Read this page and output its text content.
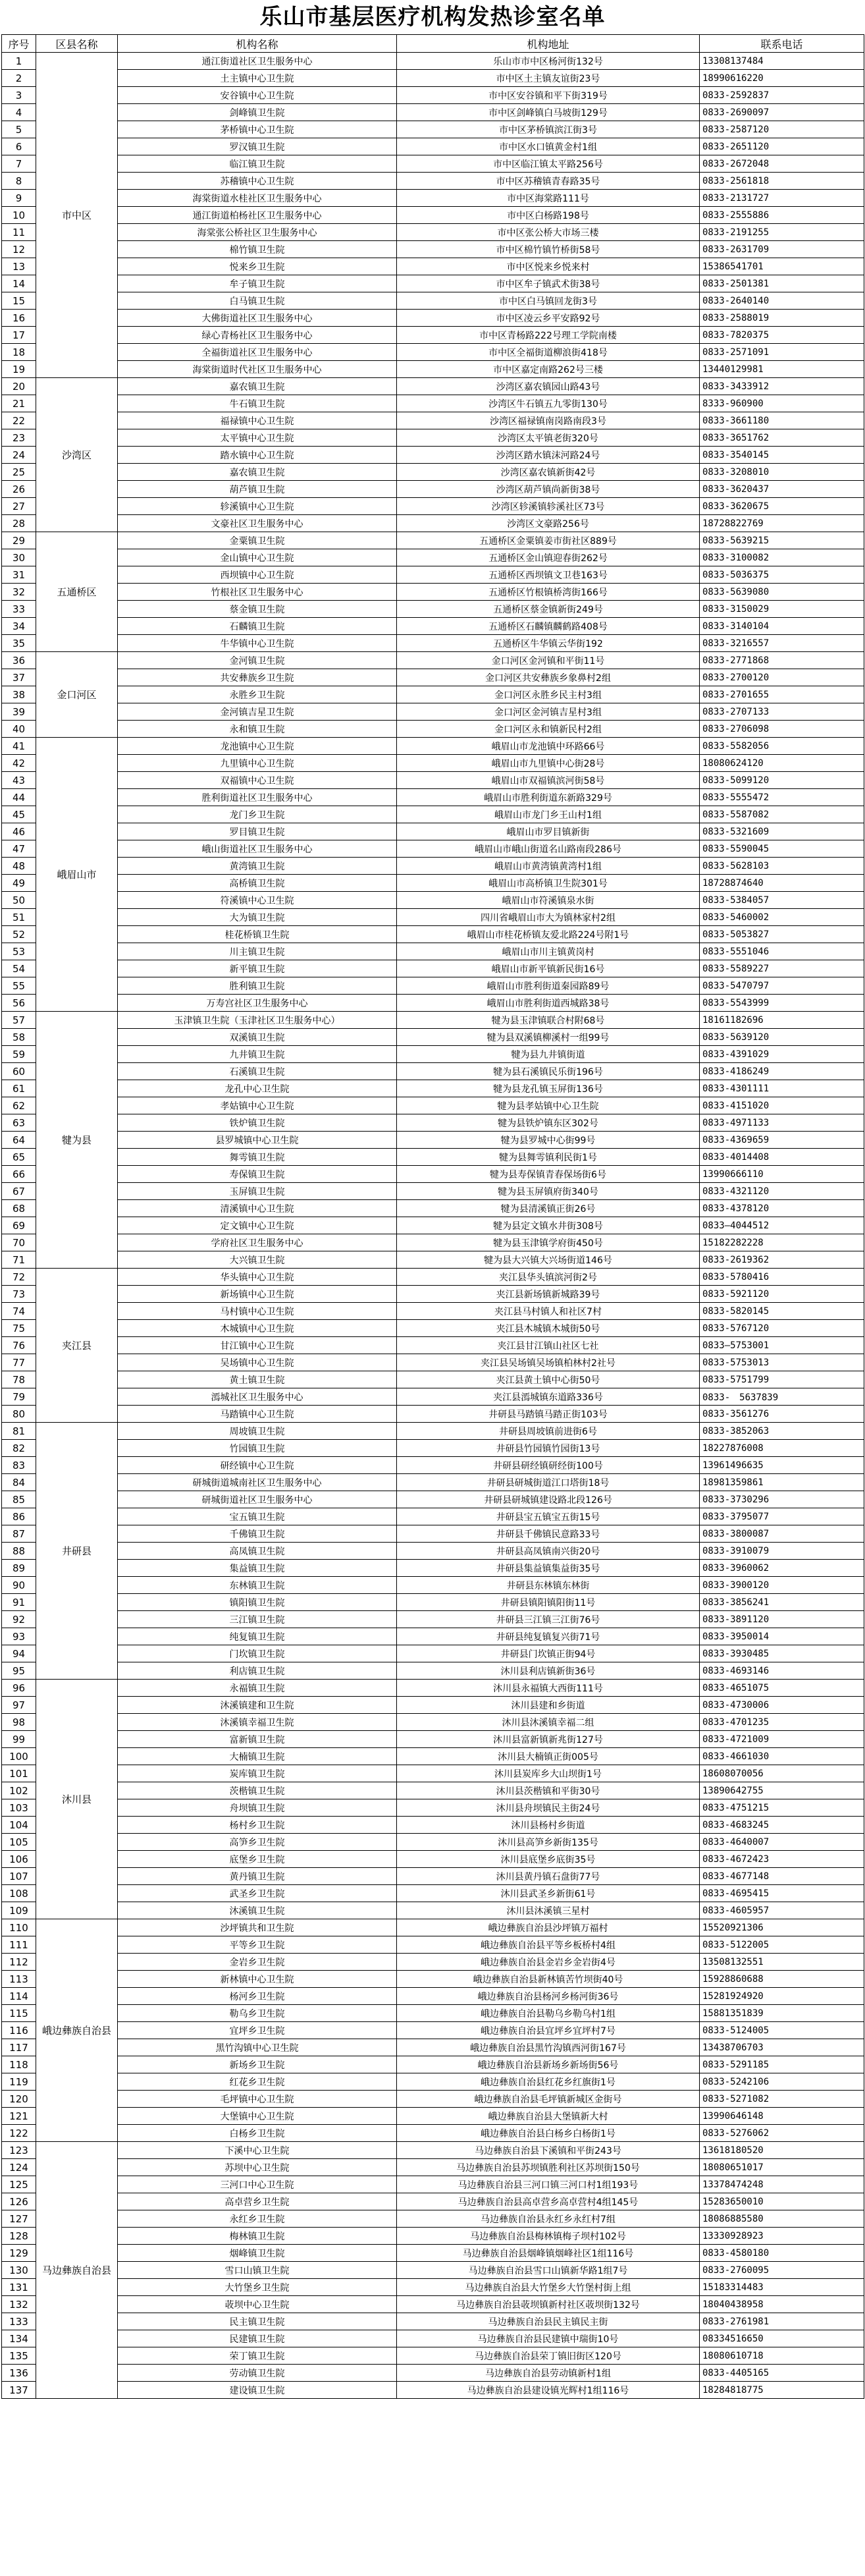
乐山市基层医疗机构发热诊室名单
序号	区县名称	机构名称	机构地址	联系电话
1	市中区	通江街道社区卫生服务中心	乐山市市中区杨河街132号	13308137484
2		土主镇中心卫生院	市中区土主镇友谊街23号	18990616220
3		安谷镇中心卫生院	市中区安谷镇和平下街319号	0833-2592837
4		剑峰镇卫生院	市中区剑峰镇白马坡街129号	0833-2690097
5		茅桥镇中心卫生院	市中区茅桥镇滨江街3号	0833-2587120
6		罗汉镇卫生院	市中区水口镇黄金村1组	0833-2651120
7		临江镇卫生院	市中区临江镇太平路256号	0833-2672048
8		苏稽镇中心卫生院	市中区苏稽镇青春路35号	0833-2561818
9		海棠街道水桂社区卫生服务中心	市中区海棠路111号	0833-2131727
10		通江街道柏杨社区卫生服务中心	市中区白杨路198号	0833-2555886
11		海棠张公桥社区卫生服务中心	市中区张公桥大市场三楼	0833-2191255
12		棉竹镇卫生院	市中区棉竹镇竹桥街58号	0833-2631709
13		悦来乡卫生院	市中区悦来乡悦来村	15386541701
14		牟子镇卫生院	市中区牟子镇武术街38号	0833-2501381
15		白马镇卫生院	市中区白马镇回龙街3号	0833-2640140
16		大佛街道社区卫生服务中心	市中区凌云乡平安路92号	0833-2588019
17		绿心青杨社区卫生服务中心	市中区青杨路222号理工学院南楼	0833-7820375
18		全福街道社区卫生服务中心	市中区全福街道柳浪街418号	0833-2571091
19		海棠街道时代社区卫生服务中心	市中区嘉定南路262号三楼	13440129981
20	沙湾区	嘉农镇卫生院	沙湾区嘉农镇园山路43号	0833-3433912
21		牛石镇卫生院	沙湾区牛石镇五九零街130号	8333-960900
22		福禄镇中心卫生院	沙湾区福禄镇南岗路南段3号	0833-3661180
23		太平镇中心卫生院	沙湾区太平镇老街320号	0833-3651762
24		踏水镇中心卫生院	沙湾区踏水镇沫河路24号	0833-3540145
25		嘉农镇卫生院	沙湾区嘉农镇新街42号	0833-3208010
26		葫芦镇卫生院	沙湾区葫芦镇尚新街38号	0833-3620437
27		轸溪镇中心卫生院	沙湾区轸溪镇轸溪社区73号	0833-3620675
28		文豪社区卫生服务中心	沙湾区文豪路256号	18728822769
29	五通桥区	金粟镇卫生院	五通桥区金粟镇姜市街社区889号	0833-5639215
30		金山镇中心卫生院	五通桥区金山镇迎春街262号	0833-3100082
31		西坝镇中心卫生院	五通桥区西坝镇文卫巷163号	0833-5036375
32		竹根社区卫生服务中心	五通桥区竹根镇桥湾街166号	0833-5639080
33		蔡金镇卫生院	五通桥区蔡金镇新街249号	0833-3150029
34		石麟镇卫生院	五通桥区石麟镇麟鹤路408号	0833-3140104
35		牛华镇中心卫生院	五通桥区牛华镇云华街192	0833-3216557
36	金口河区	金河镇卫生院	金口河区金河镇和平街11号	0833-2771868
37		共安彝族乡卫生院	金口河区共安彝族乡象鼻村2组	0833-2700120
38		永胜乡卫生院	金口河区永胜乡民主村3组	0833-2701655
39		金河镇吉星卫生院	金口河区金河镇吉星村3组	0833-2707133
40		永和镇卫生院	金口河区永和镇新民村2组	0833-2706098
41	峨眉山市	龙池镇中心卫生院	峨眉山市龙池镇中环路66号	0833-5582056
42		九里镇中心卫生院	峨眉山市九里镇中心街28号	18080624120
43		双福镇中心卫生院	峨眉山市双福镇滨河街58号	0833-5099120
44		胜利街道社区卫生服务中心	峨眉山市胜利街道东新路329号	0833-5555472
45		龙门乡卫生院	峨眉山市龙门乡王山村1组	0833-5587082
46		罗目镇卫生院	峨眉山市罗目镇新街	0833-5321609
47		峨山街道社区卫生服务中心	峨眉山市峨山街道名山路南段286号	0833-5590045
48		黄湾镇卫生院	峨眉山市黄湾镇黄湾村1组	0833-5628103
49		高桥镇卫生院	峨眉山市高桥镇卫生院301号	18728874640
50		符溪镇中心卫生院	峨眉山市符溪镇泉水街	0833-5384057
51		大为镇卫生院	四川省峨眉山市大为镇林家村2组	0833-5460002
52		桂花桥镇卫生院	峨眉山市桂花桥镇友爱北路224号附1号	0833-5053827
53		川主镇卫生院	峨眉山市川主镇黄岗村	0833-5551046
54		新平镇卫生院	峨眉山市新平镇新民街16号	0833-5589227
55		胜利镇卫生院	峨眉山市胜利街道秦园路89号	0833-5470797
56		万寿宫社区卫生服务中心	峨眉山市胜利街道西城路38号	0833-5543999
57	犍为县	玉津镇卫生院（玉津社区卫生服务中心）	犍为县玉津镇联合村附68号	18161182696
58		双溪镇卫生院	犍为县双溪镇柳溪村一组99号	0833-5639120
59		九井镇卫生院	犍为县九井镇街道	0833-4391029
60		石溪镇卫生院	犍为县石溪镇民乐街196号	0833-4186249
61		龙孔中心卫生院	犍为县龙孔镇玉屏街136号	0833-4301111
62		孝姑镇中心卫生院	犍为县孝姑镇中心卫生院	0833-4151020
63		铁炉镇卫生院	犍为县铁炉镇东区302号	0833-4971133
64		县罗城镇中心卫生院	犍为县罗城中心街99号	0833-4369659
65		舞雩镇卫生院	犍为县舞雩镇利民街1号	0833-4014408
66		寿保镇卫生院	犍为县寿保镇青春保场街6号	13990666110
67		玉屏镇卫生院	犍为县玉屏镇府街340号	0833-4321120
68		清溪镇中心卫生院	犍为县清溪镇正街26号	0833-4378120
69		定文镇中心卫生院	犍为县定文镇水井街308号	0833—4044512
70		学府社区卫生服务中心	犍为县玉津镇学府街450号	15182282228
71		大兴镇卫生院	犍为县大兴镇大兴场街道146号	0833-2619362
72	夹江县	华头镇中心卫生院	夹江县华头镇滨河街2号	0833-5780416
73		新场镇中心卫生院	夹江县新场镇新城路39号	0833-5921120
74		马村镇中心卫生院	夹江县马村镇人和社区7村	0833-5820145
75		木城镇中心卫生院	夹江县木城镇木城街50号	0833-5767120
76		甘江镇中心卫生院	夹江县甘江镇山社区七社	0833—5753001
77		吴场镇中心卫生院	夹江县吴场镇吴场镇柏林村2社号	0833-5753013
78		黄土镇卫生院	夹江县黄土镇中心街50号	0833-5751799
79		漹城社区卫生服务中心	夹江县漹城镇东道路336号	0833-　5637839
80		马踏镇中心卫生院	井研县马踏镇马踏正街103号	0833-3561276
81	井研县	周坡镇卫生院	井研县周坡镇前进街6号	0833-3852063
82		竹园镇卫生院	井研县竹园镇竹园街13号	18227876008
83		研经镇中心卫生院	井研县研经镇研经街100号	13961496635
84		研城街道城南社区卫生服务中心	井研县研城街道江口塔街18号	18981359861
85		研城街道社区卫生服务中心	井研县研城镇建设路北段126号	0833-3730296
86		宝五镇卫生院	井研县宝五镇宝五街15号	0833-3795077
87		千佛镇卫生院	井研县千佛镇民意路33号	0833-3800087
88		高凤镇卫生院	井研县高凤镇南兴街20号	0833-3910079
89		集益镇卫生院	井研县集益镇集益街35号	0833-3960062
90		东林镇卫生院	井研县东林镇东林街	0833-3900120
91		镇阳镇卫生院	井研县镇阳镇阳街11号	0833-3856241
92		三江镇卫生院	井研县三江镇三江街76号	0833-3891120
93		纯复镇卫生院	井研县纯复镇复兴街71号	0833-3950014
94		门坎镇卫生院	井研县门坎镇正街94号	0833-3930485
95		利店镇卫生院	沐川县利店镇新街36号	0833-4693146
96	沐川县	永福镇卫生院	沐川县永福镇大西街111号	0833-4651075
97		沐溪镇建和卫生院	沐川县建和乡街道	0833-4730006
98		沐溪镇幸福卫生院	沐川县沐溪镇幸福二组	0833-4701235
99		富新镇卫生院	沐川县富新镇新兆街127号	0833-4721009
100		大楠镇卫生院	沐川县大楠镇正街005号	0833-4661030
101		炭库镇卫生院	沐川县炭库乡大山坝街1号	18608070056
102		茨楷镇卫生院	沐川县茨楷镇和平街30号	13890642755
103		舟坝镇卫生院	沐川县舟坝镇民主街24号	0833-4751215
104		杨村乡卫生院	沐川县杨村乡街道	0833-4683245
105		高笋乡卫生院	沐川县高笋乡新街135号	0833-4640007
106		底堡乡卫生院	沐川县底堡乡底街35号	0833-4672423
107		黄丹镇卫生院	沐川县黄丹镇石盘街77号	0833-4677148
108		武圣乡卫生院	沐川县武圣乡新街61号	0833-4695415
109		沐溪镇卫生院	沐川县沐溪镇三星村	0833-4605957
110	峨边彝族自治县	沙坪镇共和卫生院	峨边彝族自治县沙坪镇万福村	15520921306
111		平等乡卫生院	峨边彝族自治县平等乡板桥村4组	0833-5122005
112		金岩乡卫生院	峨边彝族自治县金岩乡金岩街4号	13508132551
113		新林镇中心卫生院	峨边彝族自治县新林镇苦竹坝街40号	15928860688
114		杨河乡卫生院	峨边彝族自治县杨河乡杨河街36号	15281924920
115		勒乌乡卫生院	峨边彝族自治县勒乌乡勒乌村1组	15881351839
116		宜坪乡卫生院	峨边彝族自治县宜坪乡宜坪村7号	0833-5124005
117		黑竹沟镇中心卫生院	峨边彝族自治县黑竹沟镇西河街167号	13438706703
118		新场乡卫生院	峨边彝族自治县新场乡新场街56号	0833-5291185
119		红花乡卫生院	峨边彝族自治县红花乡红旗街1号	0833-5242106
120		毛坪镇中心卫生院	峨边彝族自治县毛坪镇新城区金街号	0833-5271082
121		大堡镇中心卫生院	峨边彝族自治县大堡镇新大村	13990646148
122		白杨乡卫生院	峨边彝族自治县白杨乡白杨街1号	0833-5276062
123	马边彝族自治县	下溪中心卫生院	马边彝族自治县下溪镇和平街243号	13618180520
124		苏坝中心卫生院	马边彝族自治县苏坝镇胜利社区苏坝街150号	18080651017
125		三河口中心卫生院	马边彝族自治县三河口镇三河口村1组193号	13378474248
126		高卓营乡卫生院	马边彝族自治县高卓营乡高卓营村4组145号	15283650010
127		永红乡卫生院	马边彝族自治县永红乡永红村7组	18086885580
128		梅林镇卫生院	马边彝族自治县梅林镇梅子坝村102号	13330928923
129		烟峰镇卫生院	马边彝族自治县烟峰镇烟峰社区1组116号	0833-4580180
130		雪口山镇卫生院	马边彝族自治县雪口山镇新华路1组7号	0833-2760095
131		大竹堡乡卫生院	马边彝族自治县大竹堡乡大竹堡村街上组	15183314483
132		荍坝中心卫生院	马边彝族自治县荍坝镇新村社区荍坝街132号	18040438958
133		民主镇卫生院	马边彝族自治县民主镇民主街	0833-2761981
134		民建镇卫生院	马边彝族自治县民建镇中瑞街10号	08334516650
135		荣丁镇卫生院	马边彝族自治县荣丁镇旧街区120号	18080610718
136		劳动镇卫生院	马边彝族自治县劳动镇新村1组	0833-4405165
137		建设镇卫生院	马边彝族自治县建设镇光辉村1组116号	18284818775
